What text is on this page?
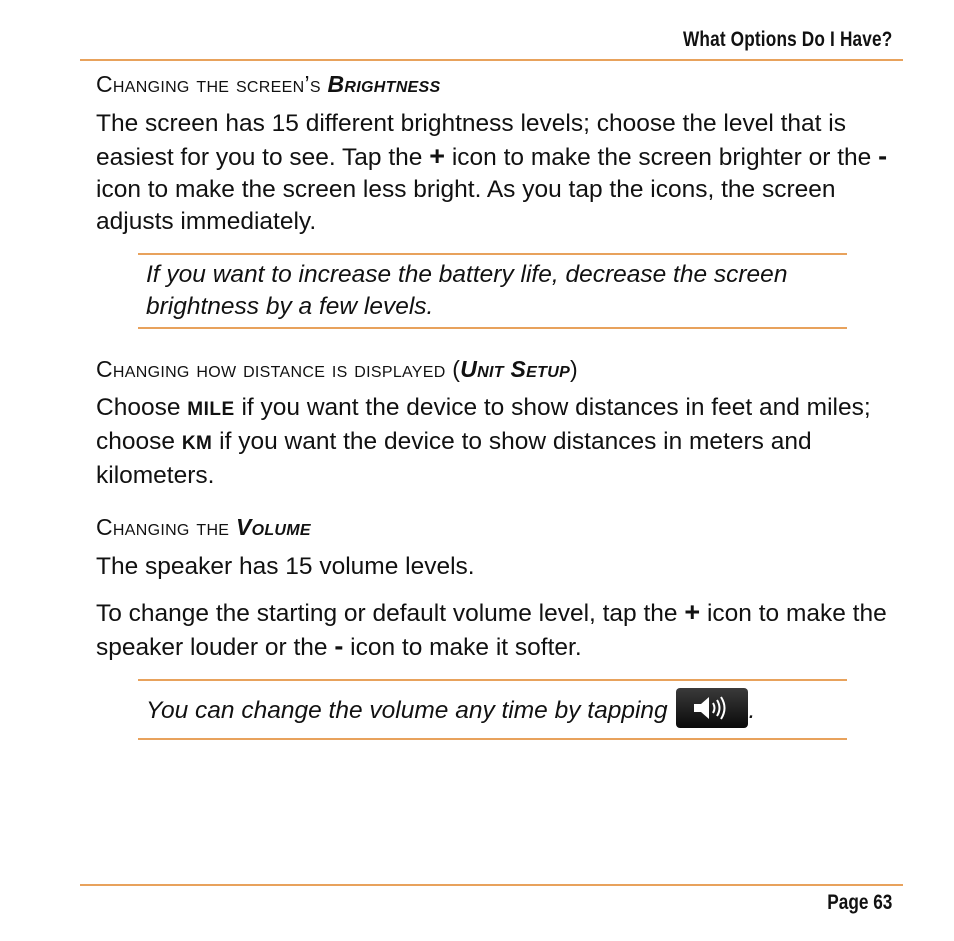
What Options Do I Have?
Changing the screen’s Brightness
The screen has 15 different brightness levels; choose the level that is easiest for you to see. Tap the + icon to make the screen brighter or the - icon to make the screen less bright. As you tap the icons, the screen adjusts immediately.
If you want to increase the battery life, decrease the screen brightness by a few levels.
Changing how distance is displayed (Unit Setup)
Choose MILE if you want the device to show distances in feet and miles; choose KM if you want the device to show distances in meters and kilometers.
Changing the Volume
The speaker has 15 volume levels.
To change the starting or default volume level, tap the + icon to make the speaker louder or the - icon to make it softer.
You can change the volume any time by tapping	.
Page 63
